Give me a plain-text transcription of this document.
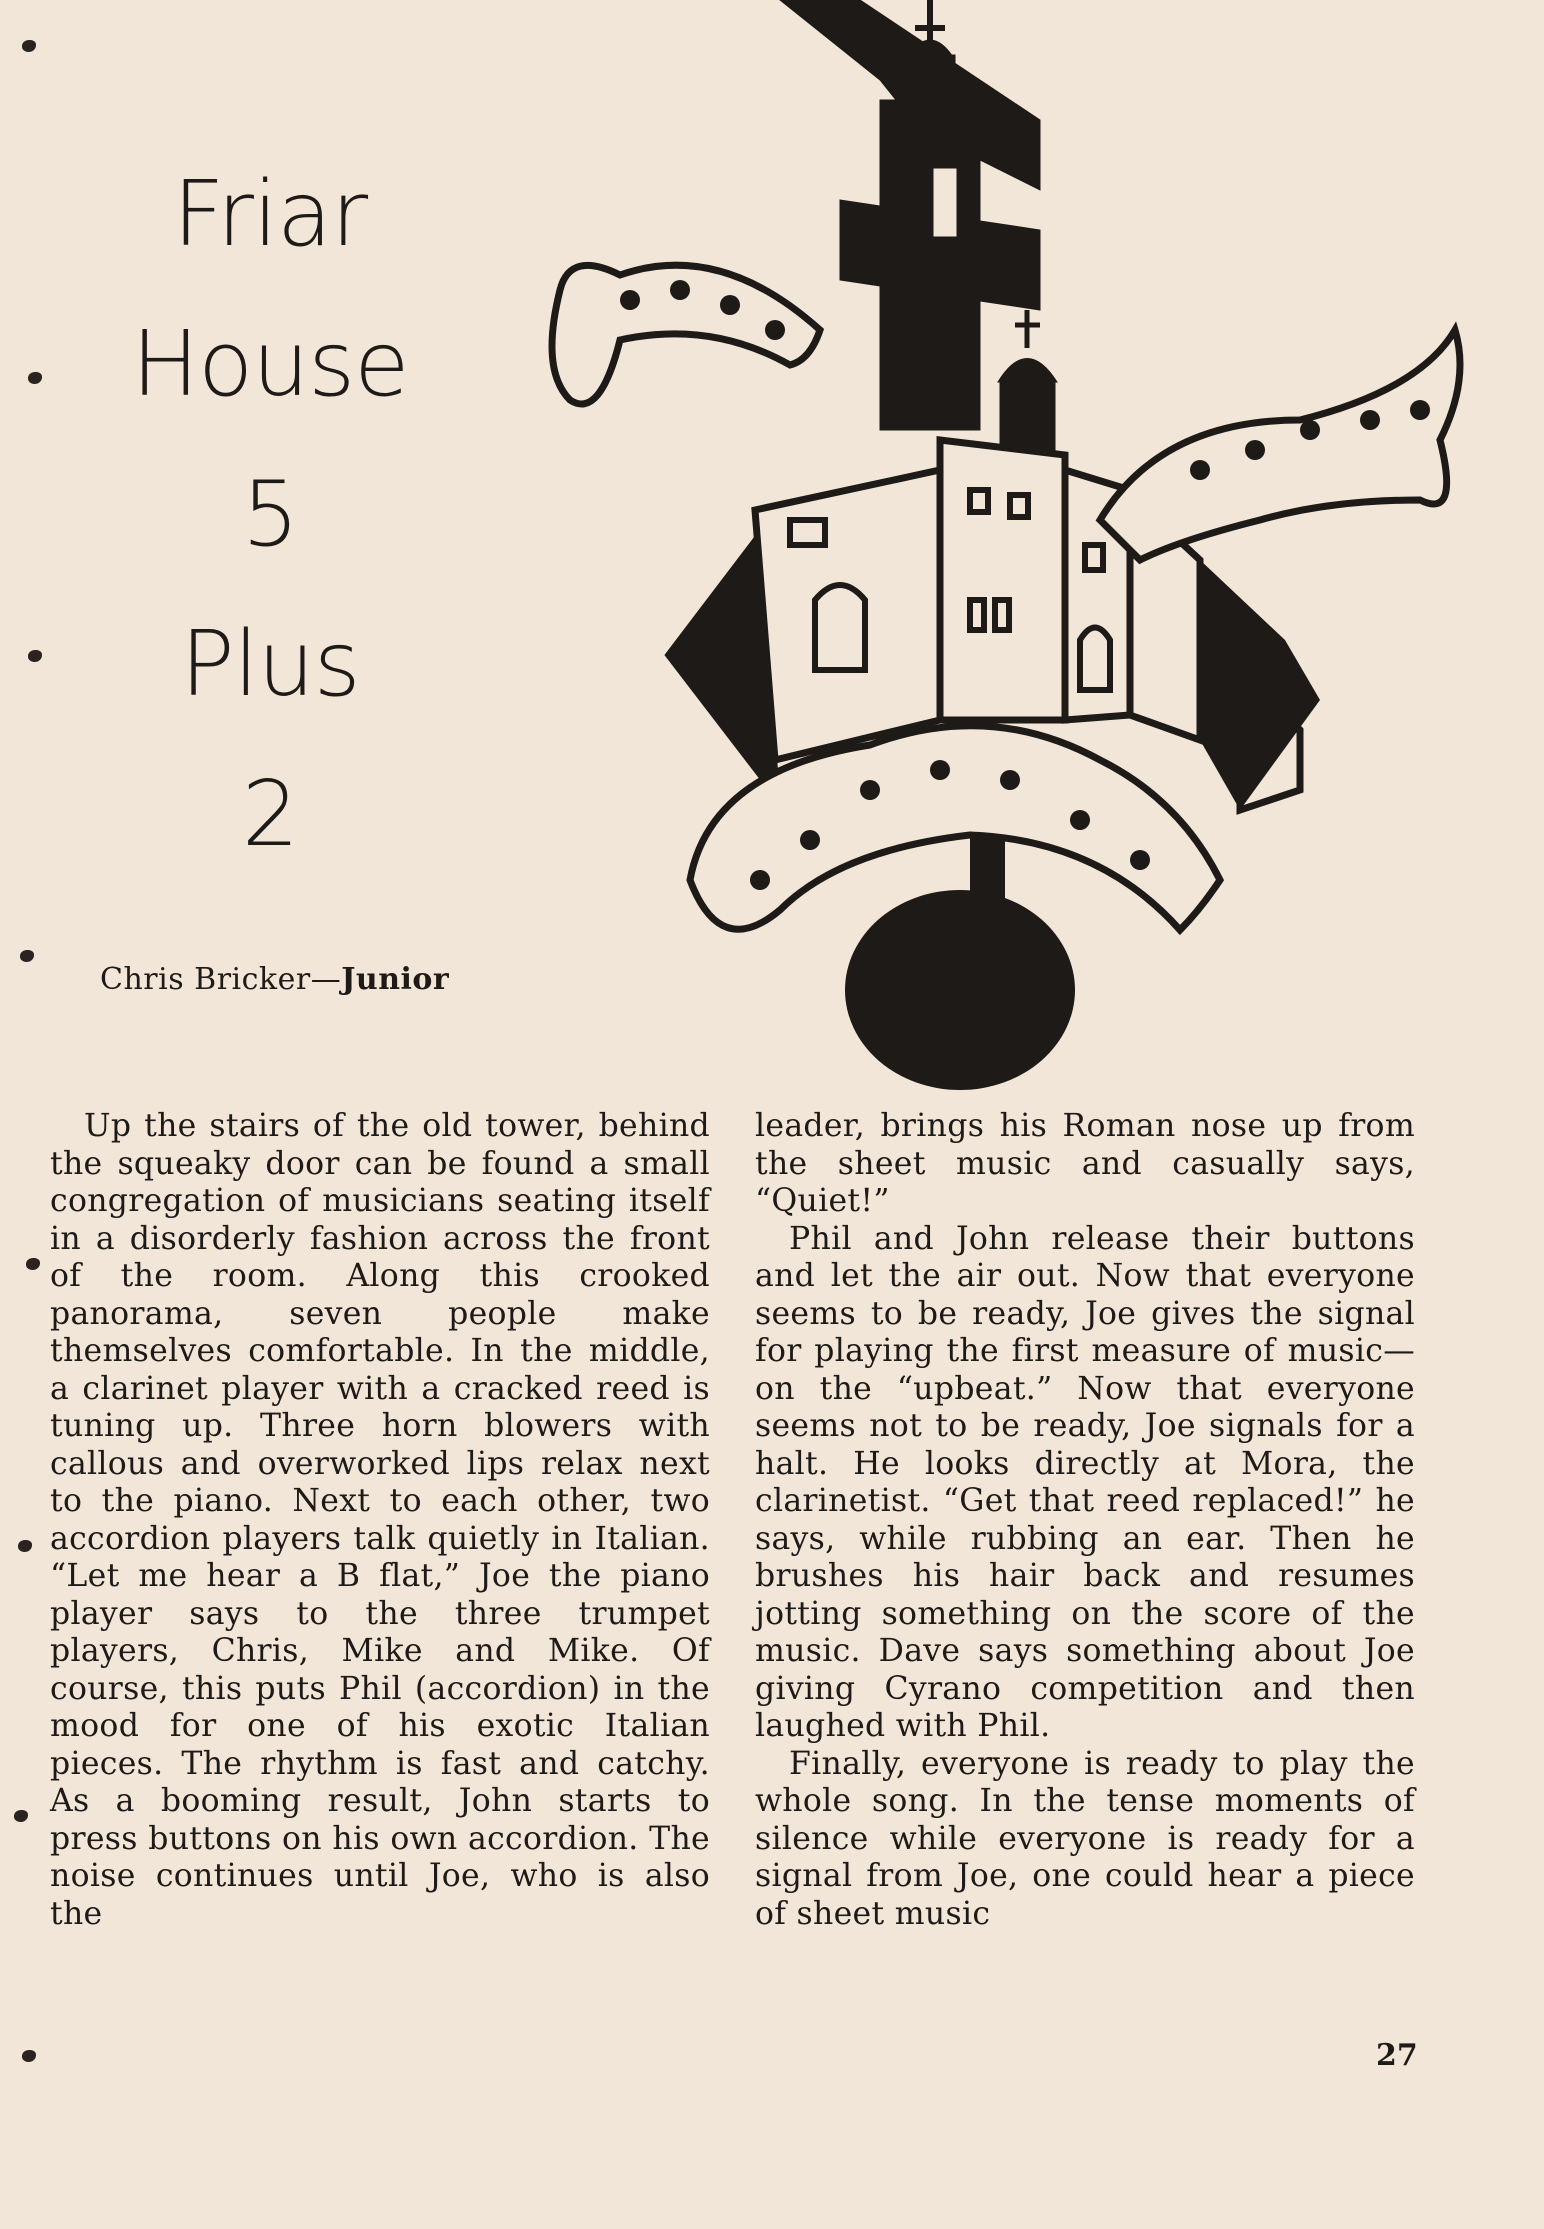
Friar
House
5
Plus
2
Chris Bricker—Junior

Up the stairs of the old tower, behind the squeaky door can be found a small congregation of musicians seating itself in a disorderly fashion across the front of the room. Along this crooked panorama, seven people make themselves comfortable. In the middle, a clarinet player with a cracked reed is tuning up. Three horn blowers with callous and overworked lips relax next to the piano. Next to each other, two accordion players talk quietly in Italian. “Let me hear a B flat,” Joe the piano player says to the three trumpet players, Chris, Mike and Mike. Of course, this puts Phil (accordion) in the mood for one of his exotic Italian pieces. The rhythm is fast and catchy. As a booming result, John starts to press buttons on his own accordion. The noise continues until Joe, who is also the

leader, brings his Roman nose up from the sheet music and casually says, “Quiet!”

Phil and John release their buttons and let the air out. Now that everyone seems to be ready, Joe gives the signal for playing the first measure of music—on the “upbeat.” Now that everyone seems not to be ready, Joe signals for a halt. He looks directly at Mora, the clarinetist. “Get that reed replaced!” he says, while rubbing an ear. Then he brushes his hair back and resumes jotting something on the score of the music. Dave says something about Joe giving Cyrano competition and then laughed with Phil.

Finally, everyone is ready to play the whole song. In the tense moments of silence while everyone is ready for a signal from Joe, one could hear a piece of sheet music

27
